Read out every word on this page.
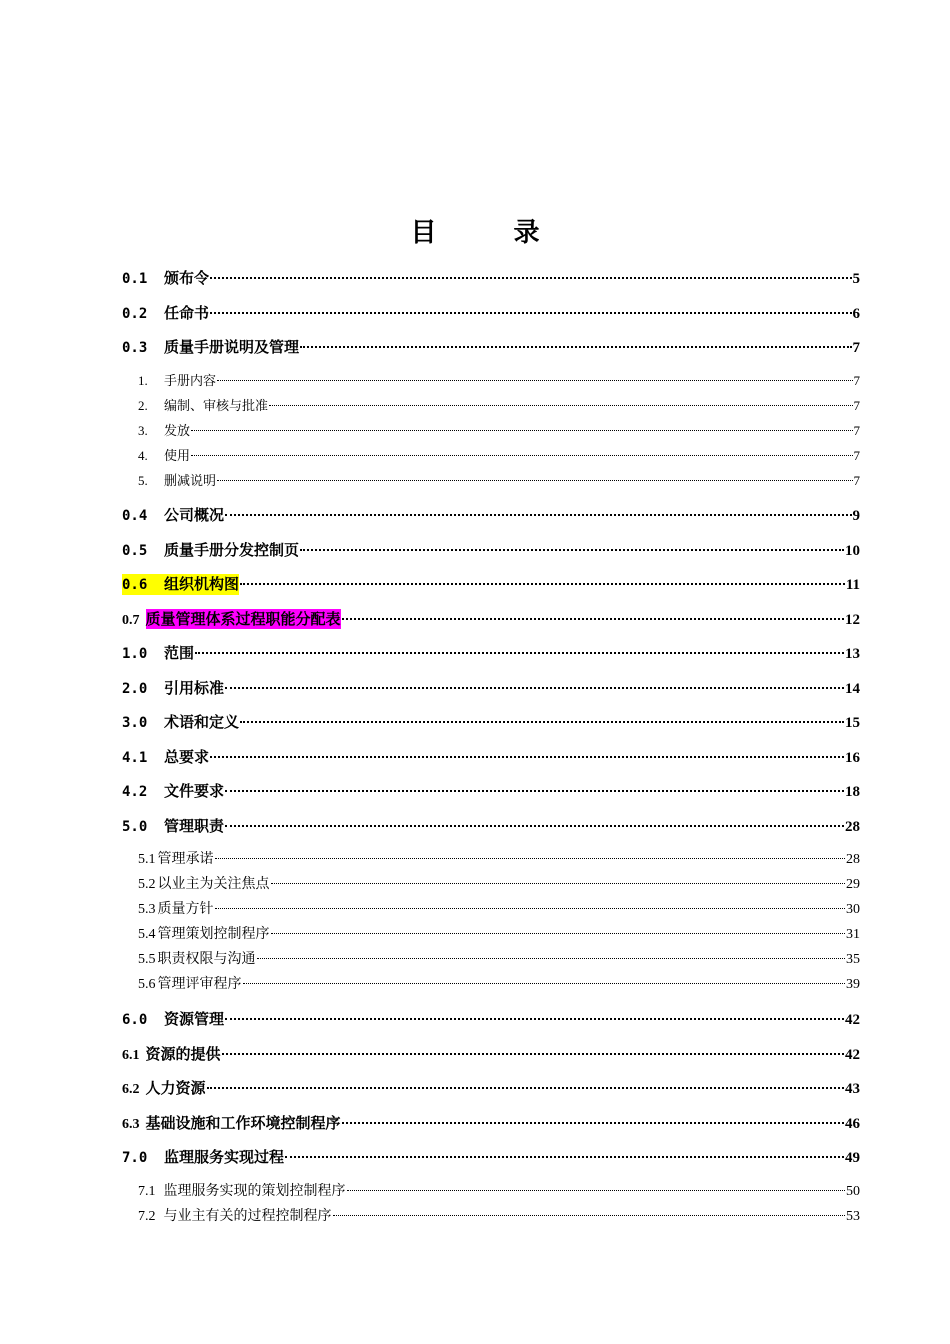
目 录
0.1	颁布令	5
0.2	任命书	6
0.3	质量手册说明及管理	7
1.	手册内容	7
2.	编制、审核与批准	7
3.	发放	7
4.	使用	7
5.	删减说明	7
0.4	公司概况	9
0.5	质量手册分发控制页	10
0.6	组织机构图	11
0.7 质量管理体系过程职能分配表	12
1.0	范围	13
2.0	引用标准	14
3.0	术语和定义	15
4.1	总要求	16
4.2	文件要求	18
5.0	管理职责	28
5.1 管理承诺	28
5.2 以业主为关注焦点	29
5.3 质量方针	30
5.4 管理策划控制程序	31
5.5 职责权限与沟通	35
5.6 管理评审程序	39
6.0	资源管理	42
6.1 资源的提供	42
6.2 人力资源	43
6.3 基础设施和工作环境控制程序	46
7.0	监理服务实现过程	49
7.1 监理服务实现的策划控制程序	50
7.2 与业主有关的过程控制程序	53
